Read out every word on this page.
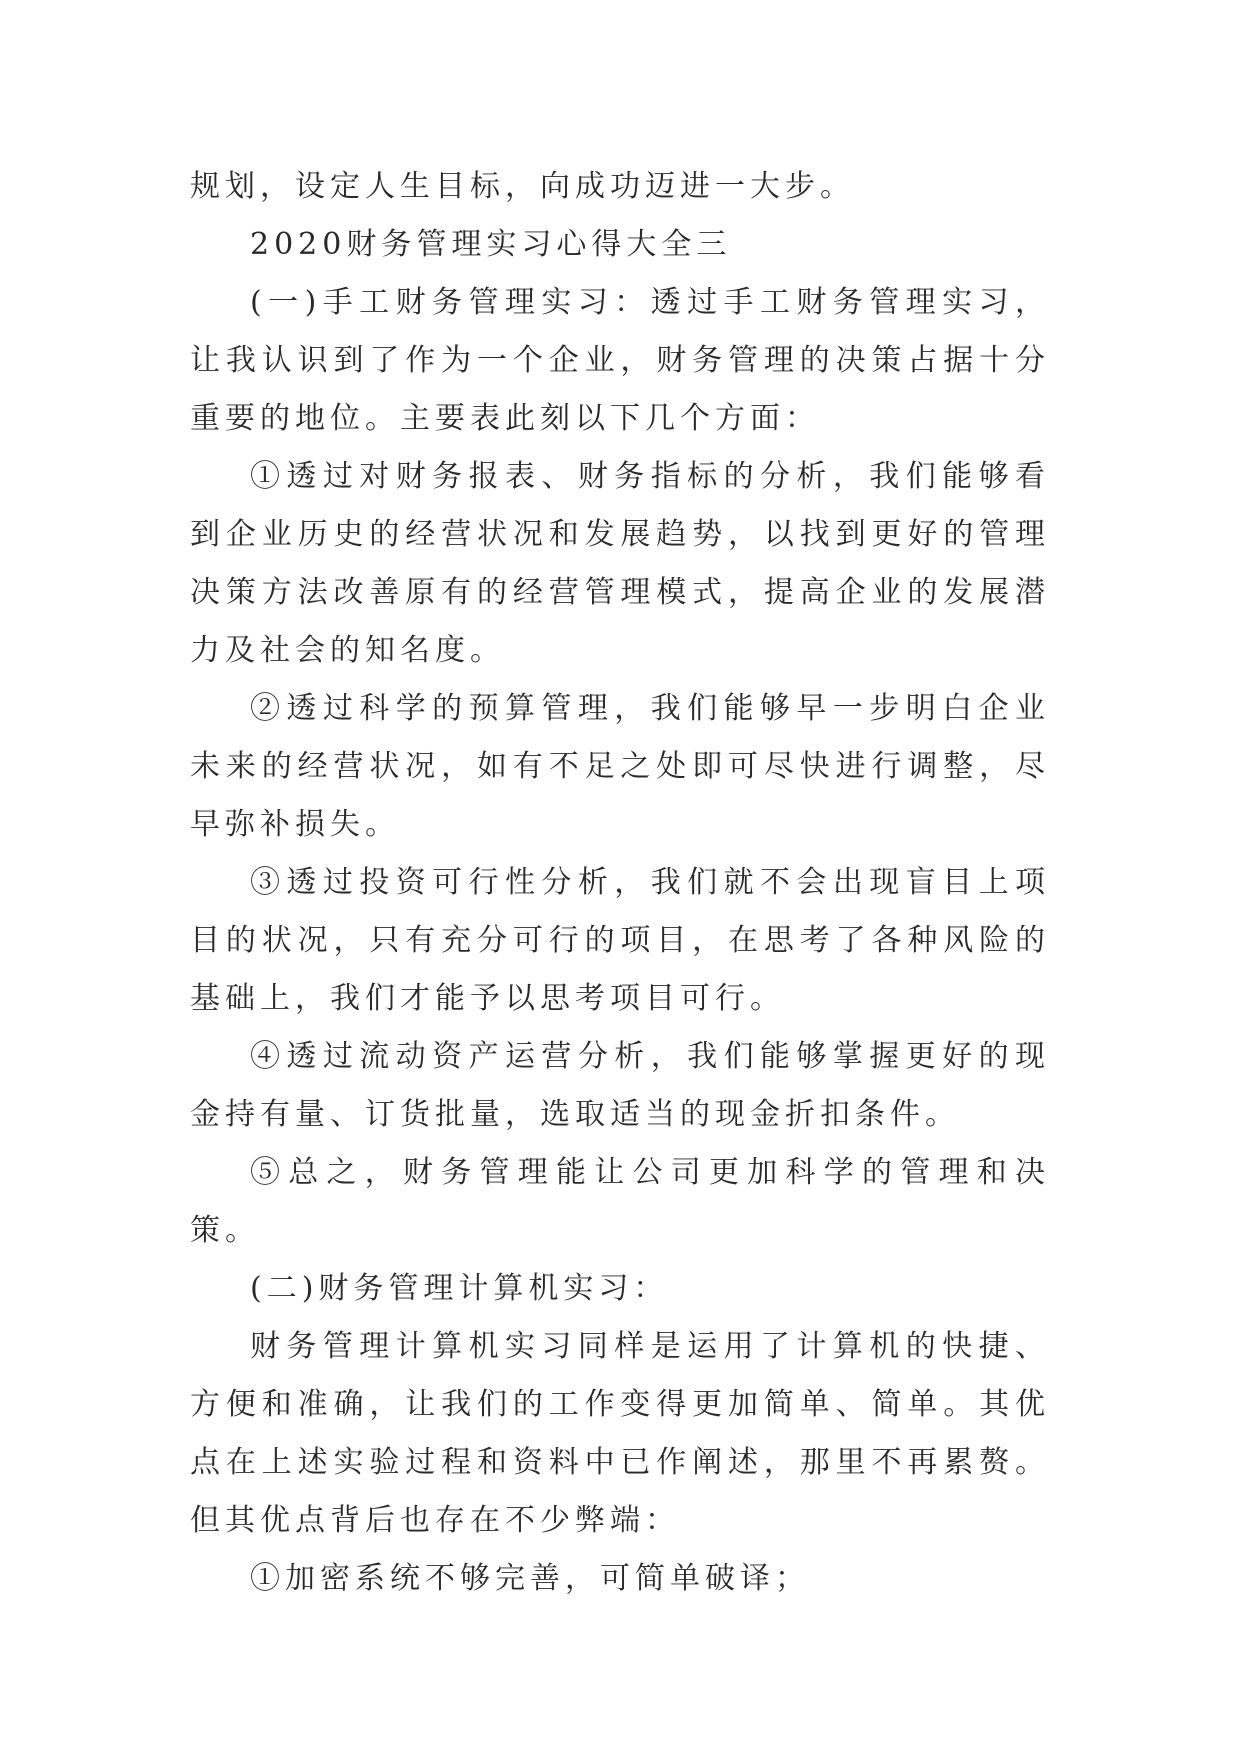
规划，设定人生目标，向成功迈进一大步。

2020财务管理实习心得大全三

(一)手工财务管理实习：透过手工财务管理实习，让我认识到了作为一个企业，财务管理的决策占据十分重要的地位。主要表此刻以下几个方面：

①透过对财务报表、财务指标的分析，我们能够看到企业历史的经营状况和发展趋势，以找到更好的管理决策方法改善原有的经营管理模式，提高企业的发展潜力及社会的知名度。

②透过科学的预算管理，我们能够早一步明白企业未来的经营状况，如有不足之处即可尽快进行调整，尽早弥补损失。

③透过投资可行性分析，我们就不会出现盲目上项目的状况，只有充分可行的项目，在思考了各种风险的基础上，我们才能予以思考项目可行。

④透过流动资产运营分析，我们能够掌握更好的现金持有量、订货批量，选取适当的现金折扣条件。

⑤总之，财务管理能让公司更加科学的管理和决策。

(二)财务管理计算机实习：

财务管理计算机实习同样是运用了计算机的快捷、方便和准确，让我们的工作变得更加简单、简单。其优点在上述实验过程和资料中已作阐述，那里不再累赘。但其优点背后也存在不少弊端：

①加密系统不够完善，可简单破译；
